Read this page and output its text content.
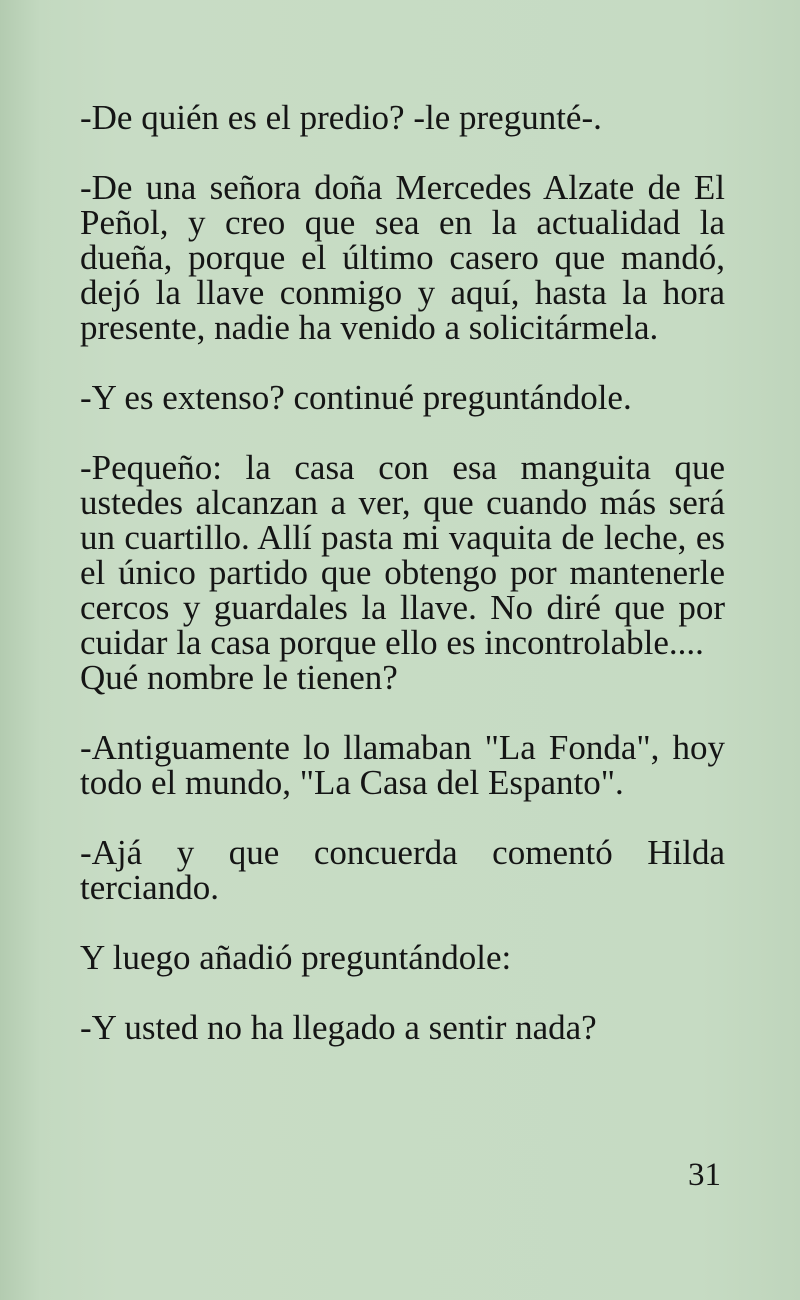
-De quién es el predio? -le pregunté-.

-De una señora doña Mercedes Alzate de El Peñol, y creo que sea en la actualidad la dueña, porque el último casero que mandó, dejó la llave conmigo y aquí, hasta la hora presente, nadie ha venido a solicitármela.

-Y es extenso? continué preguntándole.

-Pequeño: la casa con esa manguita que ustedes alcanzan a ver, que cuando más será un cuartillo. Allí pasta mi vaquita de leche, es el único partido que obtengo por mantenerle cercos y guardales la llave. No diré que por cuidar la casa porque ello es incontrolable....

Qué nombre le tienen?

-Antiguamente lo llamaban "La Fonda", hoy todo el mundo, "La Casa del Espanto".

-Ajá y que concuerda comentó Hilda terciando.

Y luego añadió preguntándole:

-Y usted no ha llegado a sentir nada?

31
